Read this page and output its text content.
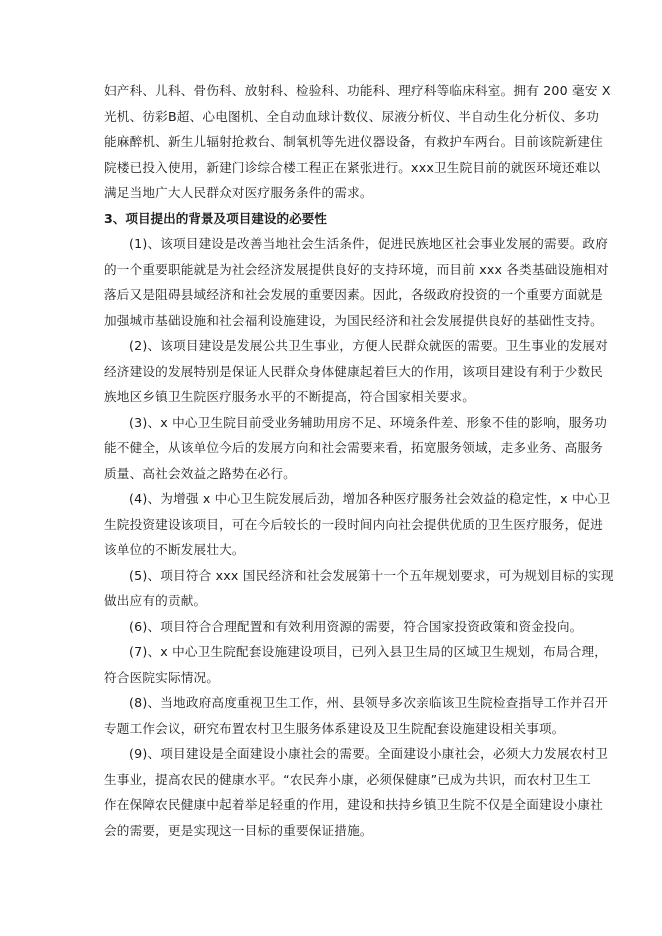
妇产科、儿科、骨伤科、放射科、检验科、功能科、理疗科等临床科室。拥有 200 毫安 X
光机、彷彩B超、心电图机、全自动血球计数仪、尿液分析仪、半自动生化分析仪、多功
能麻醉机、新生儿辐射抢救台、制氧机等先进仪器设备，有救护车两台。目前该院新建住
院楼已投入使用，新建门诊综合楼工程正在紧张进行。xxx卫生院目前的就医环境还难以
满足当地广大人民群众对医疗服务条件的需求。
3、项目提出的背景及项目建设的必要性
(1)、该项目建设是改善当地社会生活条件，促进民族地区社会事业发展的需要。政府
的一个重要职能就是为社会经济发展提供良好的支持环境，而目前 xxx 各类基础设施相对
落后又是阻碍县域经济和社会发展的重要因素。因此，各级政府投资的一个重要方面就是
加强城市基础设施和社会福利设施建设，为国民经济和社会发展提供良好的基础性支持。
(2)、该项目建设是发展公共卫生事业，方便人民群众就医的需要。卫生事业的发展对
经济建设的发展特别是保证人民群众身体健康起着巨大的作用，该项目建设有利于少数民
族地区乡镇卫生院医疗服务水平的不断提高，符合国家相关要求。
(3)、x 中心卫生院目前受业务辅助用房不足、环境条件差、形象不佳的影响，服务功
能不健全，从该单位今后的发展方向和社会需要来看，拓宽服务领域，走多业务、高服务
质量、高社会效益之路势在必行。
(4)、为增强 x 中心卫生院发展后劲，增加各种医疗服务社会效益的稳定性，x 中心卫
生院投资建设该项目，可在今后较长的一段时间内向社会提供优质的卫生医疗服务，促进
该单位的不断发展壮大。
(5)、项目符合 xxx 国民经济和社会发展第十一个五年规划要求，可为规划目标的实现
做出应有的贡献。
(6)、项目符合合理配置和有效利用资源的需要，符合国家投资政策和资金投向。
(7)、x 中心卫生院配套设施建设项目，已列入县卫生局的区域卫生规划，布局合理，
符合医院实际情况。
(8)、当地政府高度重视卫生工作，州、县领导多次亲临该卫生院检查指导工作并召开
专题工作会议，研究布置农村卫生服务体系建设及卫生院配套设施建设相关事项。
(9)、项目建设是全面建设小康社会的需要。全面建设小康社会，必须大力发展农村卫
生事业，提高农民的健康水平。“农民奔小康，必须保健康”已成为共识，而农村卫生工
作在保障农民健康中起着举足轻重的作用，建设和扶持乡镇卫生院不仅是全面建设小康社
会的需要，更是实现这一目标的重要保证措施。
